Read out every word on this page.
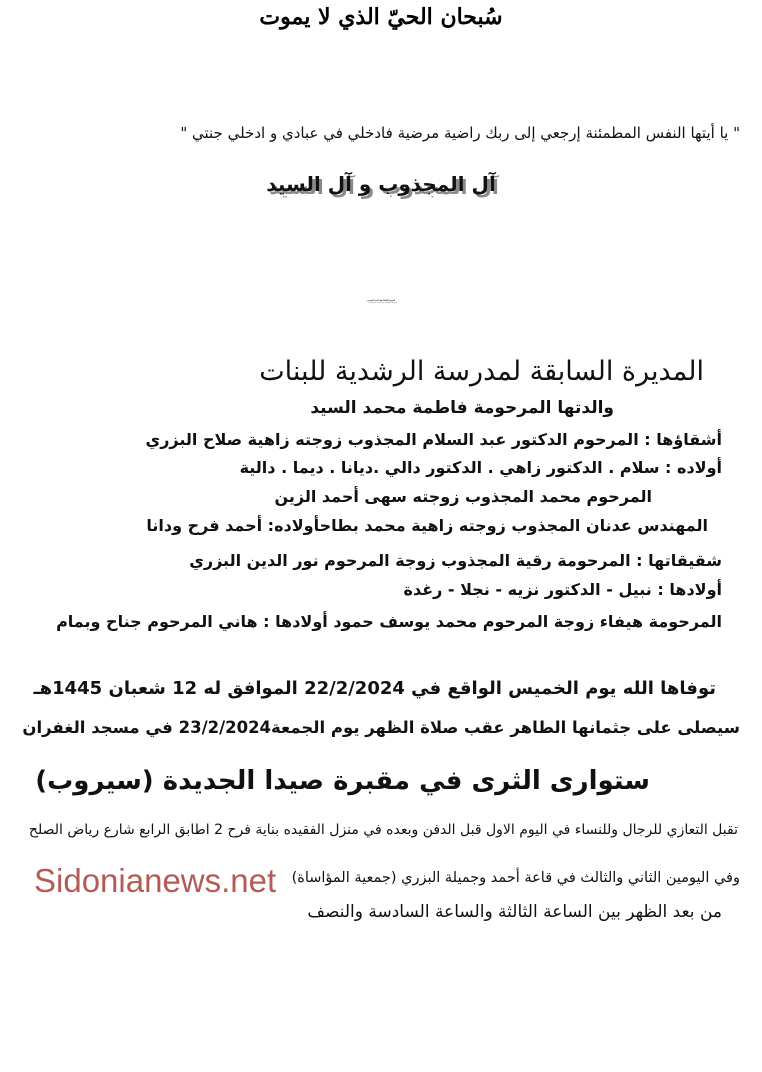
سُبحان الحيّ الذي لا يموت
" يا أيتها النفس المطمئنة إرجعي إلى ربك راضية مرضية فادخلي في عبادي و ادخلي جنتي "
آل المجذوب و آل السيد
المربية الفاضلة هلا أحمد المجذوب
المديرة السابقة لمدرسة الرشدية للبنات
والدتها المرحومة فاطمة محمد السيد
أشقاؤها : المرحوم الدكتور عبد السلام المجذوب زوجته زاهية صلاح البزري
أولاده : سلام . الدكتور زاهي . الدكتور دالي .ديانا . ديما . دالية
المرحوم محمد المجذوب زوجته سهى أحمد الزين
المهندس عدنان المجذوب زوجته زاهية محمد بطاحأولاده: أحمد فرح ودانا
شقيقاتها : المرحومة رقية المجذوب زوجة المرحوم نور الدين البزري
أولادها : نبيل - الدكتور نزيه - نجلا - رغدة
المرحومة هيفاء زوجة المرحوم محمد يوسف حمود أولادها : هاني المرحوم جناح وبمام
توفاها الله يوم الخميس الواقع في 22/2/2024 الموافق له 12 شعبان 1445هـ
سيصلى على جثمانها الطاهر عقب صلاة الظهر يوم الجمعة23/2/2024 في مسجد الغفران
ستوارى الثرى في مقبرة صيدا الجديدة (سيروب)
تقبل التعازي للرجال وللنساء في اليوم الاول قبل الدفن وبعده في منزل الفقيده بناية فرح 2 اطابق الرابع شارع رياض الصلح
وفي اليومين الثاني والثالث في قاعة أحمد وجميلة البزري (جمعية المؤاساة)
من بعد الظهر بين الساعة الثالثة والساعة السادسة والنصف
Sidonianews.net
